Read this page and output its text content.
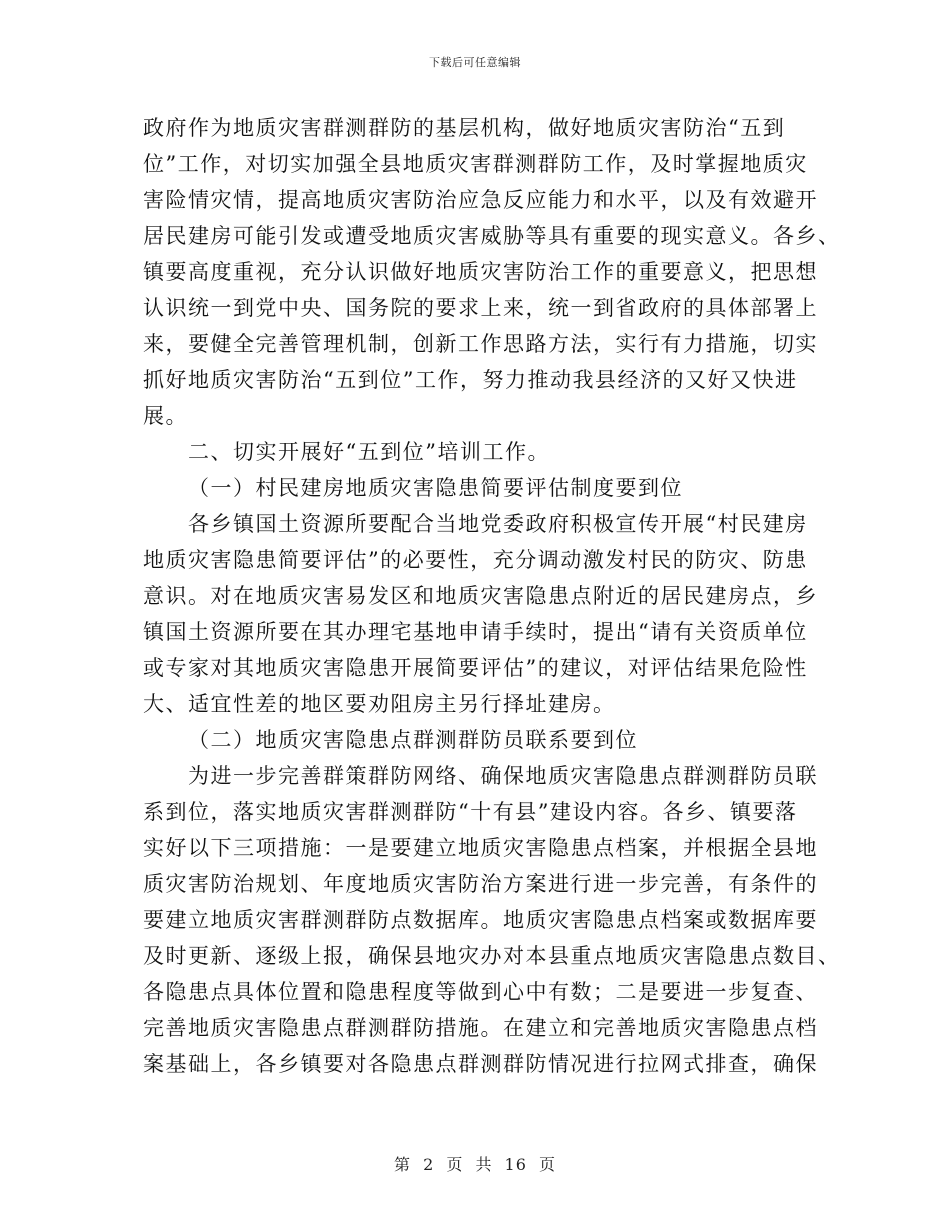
下载后可任意编辑
政府作为地质灾害群测群防的基层机构，做好地质灾害防治“五到
位”工作，对切实加强全县地质灾害群测群防工作，及时掌握地质灾
害险情灾情，提高地质灾害防治应急反应能力和水平，以及有效避开
居民建房可能引发或遭受地质灾害威胁等具有重要的现实意义。各乡、
镇要高度重视，充分认识做好地质灾害防治工作的重要意义，把思想
认识统一到党中央、国务院的要求上来，统一到省政府的具体部署上
来，要健全完善管理机制，创新工作思路方法，实行有力措施，切实
抓好地质灾害防治“五到位”工作，努力推动我县经济的又好又快进
展。
二、切实开展好“五到位”培训工作。
（一）村民建房地质灾害隐患简要评估制度要到位
各乡镇国土资源所要配合当地党委政府积极宣传开展“村民建房
地质灾害隐患简要评估”的必要性，充分调动激发村民的防灾、防患
意识。对在地质灾害易发区和地质灾害隐患点附近的居民建房点，乡
镇国土资源所要在其办理宅基地申请手续时，提出“请有关资质单位
或专家对其地质灾害隐患开展简要评估”的建议，对评估结果危险性
大、适宜性差的地区要劝阻房主另行择址建房。
（二）地质灾害隐患点群测群防员联系要到位
为进一步完善群策群防网络、确保地质灾害隐患点群测群防员联
系到位，落实地质灾害群测群防“十有县”建设内容。各乡、镇要落
实好以下三项措施：一是要建立地质灾害隐患点档案，并根据全县地
质灾害防治规划、年度地质灾害防治方案进行进一步完善，有条件的
要建立地质灾害群测群防点数据库。地质灾害隐患点档案或数据库要
及时更新、逐级上报，确保县地灾办对本县重点地质灾害隐患点数目、
各隐患点具体位置和隐患程度等做到心中有数；二是要进一步复查、
完善地质灾害隐患点群测群防措施。在建立和完善地质灾害隐患点档
案基础上，各乡镇要对各隐患点群测群防情况进行拉网式排查，确保
第 2 页 共 16 页
